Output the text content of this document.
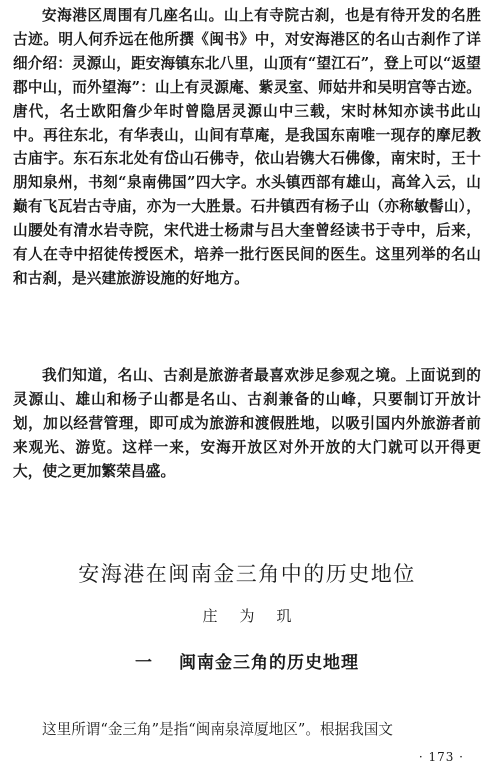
安海港区周围有几座名山。山上有寺院古刹，也是有待开发的名胜古迹。明人何乔远在他所撰《闽书》中，对安海港区的名山古刹作了详细介绍：灵源山，距安海镇东北八里，山顶有“望江石”，登上可以“返望郡中山，而外望海”：山上有灵源庵、紫灵室、师姑井和吴明宫等古迹。唐代，名士欧阳詹少年时曾隐居灵源山中三载，宋时林知亦读书此山中。再往东北，有华表山，山间有草庵，是我国东南唯一现存的摩尼教古庙宇。东石东北处有岱山石佛寺，依山岩镌大石佛像，南宋时，王十朋知泉州，书刻“泉南佛国”四大字。水头镇西部有雄山，高耸入云，山巅有飞瓦岩古寺庙，亦为一大胜景。石井镇西有杨子山（亦称敏髻山），山腰处有清水岩寺院，宋代进士杨肃与吕大奎曾经读书于寺中，后来，有人在寺中招徒传授医术，培养一批行医民间的医生。这里列举的名山和古刹，是兴建旅游设施的好地方。

我们知道，名山、古刹是旅游者最喜欢涉足参观之境。上面说到的灵源山、雄山和杨子山都是名山、古刹兼备的山峰，只要制订开放计划，加以经营管理，即可成为旅游和渡假胜地，以吸引国内外旅游者前来观光、游览。这样一来，安海开放区对外开放的大门就可以开得更大，使之更加繁荣昌盛。

安海港在闽南金三角中的历史地位

庄为玑

一 闽南金三角的历史地理

这里所谓“金三角”是指“闽南泉漳厦地区”。根据我国文

· 173 ·
